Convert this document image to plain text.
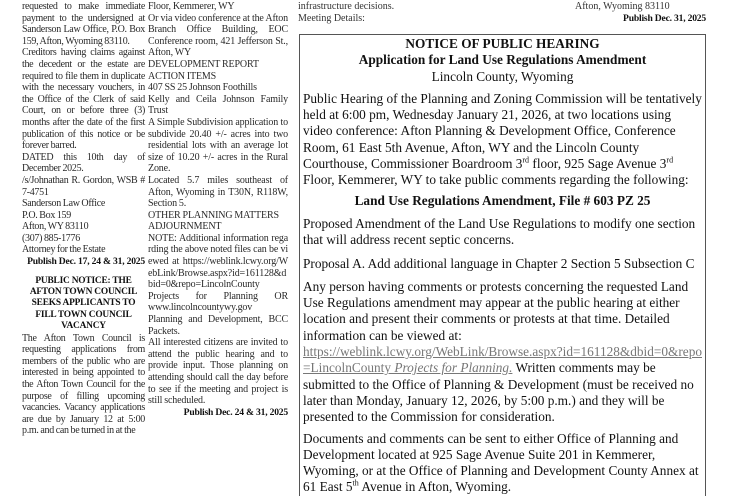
requested to make immediate payment to the undersigned at Sanderson Law Office, P.O. Box 159, Afton, Wyoming 83110.

Creditors having claims against the decedent or the estate are required to file them in duplicate with the necessary vouchers, in the Office of the Clerk of said Court, on or before three (3) months after the date of the first publication of this notice or be forever barred.

DATED this 10th day of December 2025.

/s/Johnathan R. Gordon, WSB # 7-4751

Sanderson Law Office

P.O. Box 159

Afton, WY 83110

(307) 885-1776

Attorney for the Estate

Publish Dec. 17, 24 & 31, 2025

PUBLIC NOTICE: THE AFTON TOWN COUNCIL SEEKS APPLICANTS TO FILL TOWN COUNCIL VACANCY

The Afton Town Council is requesting applications from members of the public who are interested in being appointed to the Afton Town Council for the purpose of filling upcoming vacancies. Vacancy applications are due by January 12 at 5:00 p.m. and can be turned in at the

Floor, Kemmerer, WY

Or via video conference at the Afton Branch Office Building, EOC Conference room, 421 Jefferson St., Afton, WY

DEVELOPMENT REPORT

ACTION ITEMS

407 SS 25 Johnson Foothills

Kelly and Ceila Johnson Family Trust

A Simple Subdivision application to subdivide 20.40 +/- acres into two residential lots with an average lot size of 10.20 +/- acres in the Rural Zone.

Located 5.7 miles southeast of Afton, Wyoming in T30N, R118W, Section 5.

OTHER PLANNING MATTERS

ADJOURNMENT

NOTE: Additional information regarding the above noted files can be viewed at https://weblink.lcwy.org/WebLink/Browse.aspx?id=161128&dbid=0&repo=LincolnCounty

Projects for Planning OR www.lincolncountywy.gov Planning and Development, BCC Packets.

All interested citizens are invited to attend the public hearing and to provide input. Those planning on attending should call the day before to see if the meeting and project is still scheduled.

Publish Dec. 24 & 31, 2025

infrastructure decisions.
Meeting Details:
Afton, Wyoming 83110
Publish Dec. 31, 2025

NOTICE OF PUBLIC HEARING

Application for Land Use Regulations Amendment

Lincoln County, Wyoming

Public Hearing of the Planning and Zoning Commission will be tentatively held at 6:00 pm, Wednesday January 21, 2026, at two locations using video conference: Afton Planning & Development Office, Conference Room, 61 East 5th Avenue, Afton, WY and the Lincoln County Courthouse, Commissioner Boardroom 3rd floor, 925 Sage Avenue 3rd Floor, Kemmerer, WY to take public comments regarding the following:

Land Use Regulations Amendment, File # 603 PZ 25

Proposed Amendment of the Land Use Regulations to modify one section that will address recent septic concerns.

Proposal A. Add additional language in Chapter 2 Section 5 Subsection C

Any person having comments or protests concerning the requested Land Use Regulations amendment may appear at the public hearing at either location and present their comments or protests at that time. Detailed information can be viewed at:
https://weblink.lcwy.org/WebLink/Browse.aspx?id=161128&dbid=0&repo=LincolnCounty Projects for Planning. Written comments may be submitted to the Office of Planning & Development (must be received no later than Monday, January 12, 2026, by 5:00 p.m.) and they will be presented to the Commission for consideration.

Documents and comments can be sent to either Office of Planning and Development located at 925 Sage Avenue Suite 201 in Kemmerer, Wyoming, or at the Office of Planning and Development County Annex at 61 East 5th Avenue in Afton, Wyoming.
